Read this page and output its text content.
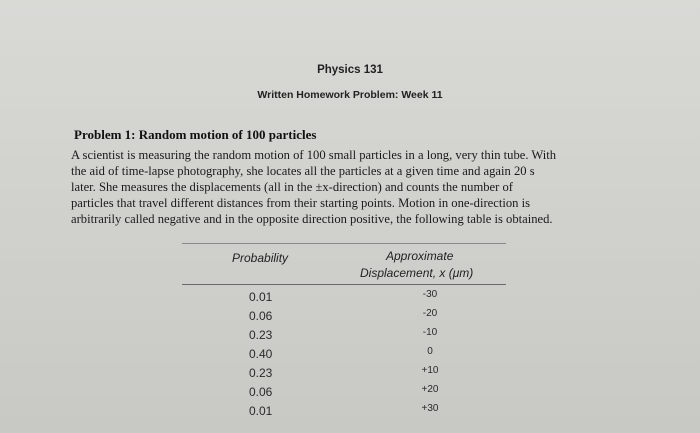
Physics 131
Written Homework Problem: Week 11
Problem 1: Random motion of 100 particles

A scientist is measuring the random motion of 100 small particles in a long, very thin tube. With
the aid of time-lapse photography, she locates all the particles at a given time and again 20 s
later. She measures the displacements (all in the ±x-direction) and counts the number of
particles that travel different distances from their starting points. Motion in one-direction is
arbitrarily called negative and in the opposite direction positive, the following table is obtained.

Probability	Approximate
Displacement, x (μm)
0.01
0.06
0.23
0.40
0.23
0.06
0.01
-30
-20
-10
0
+10
+20
+30
